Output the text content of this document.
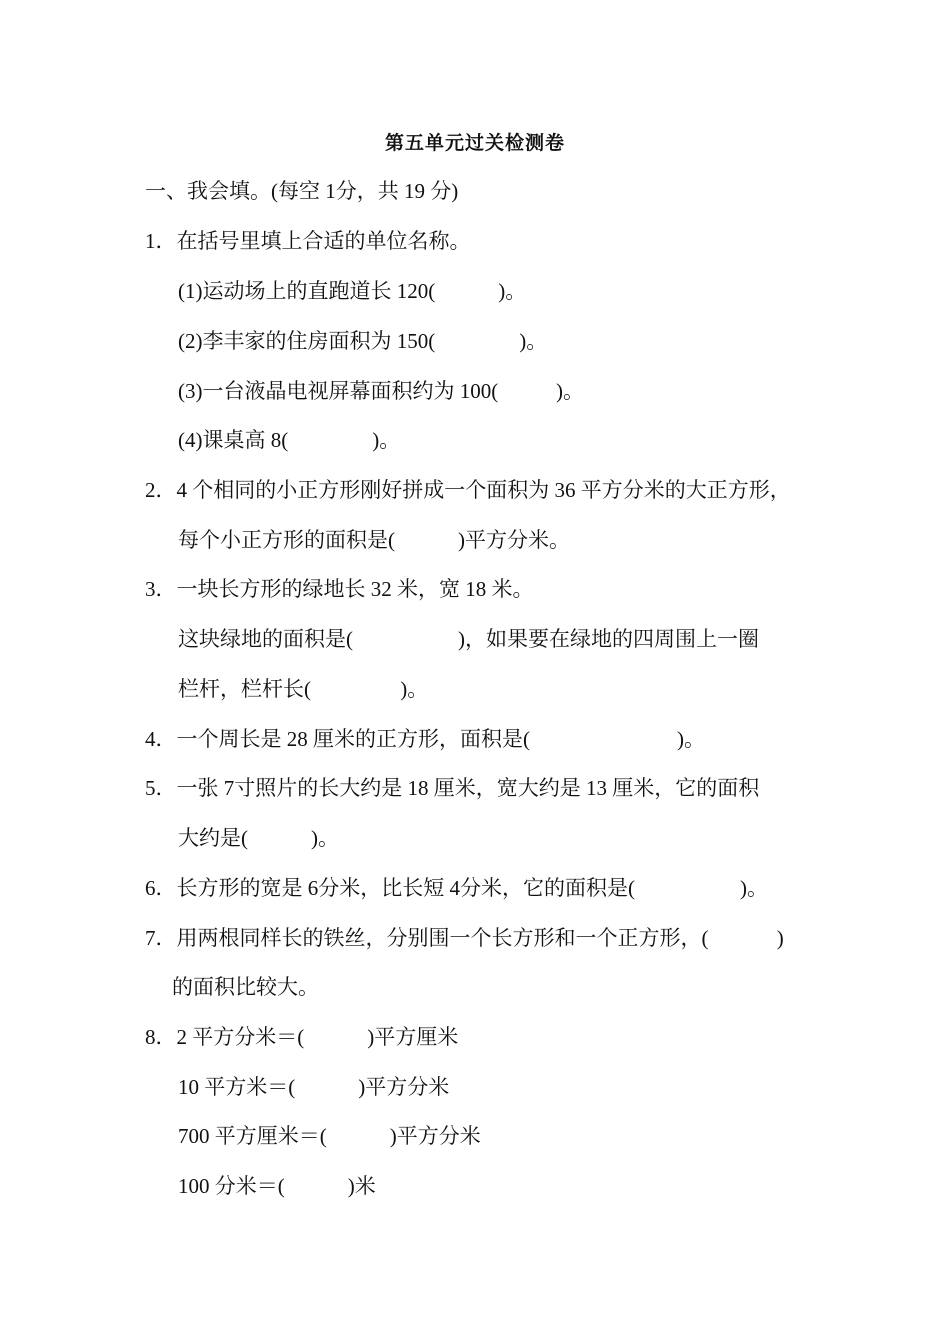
第五单元过关检测卷
一、我会填。(每空 1分，共 19 分)
1．在括号里填上合适的单位名称。
(1)运动场上的直跑道长 120(            )。
(2)李丰家的住房面积为 150(                )。
(3)一台液晶电视屏幕面积约为 100(           )。
(4)课桌高 8(                )。
2．4 个相同的小正方形刚好拼成一个面积为 36 平方分米的大正方形，
每个小正方形的面积是(            )平方分米。
3．一块长方形的绿地长 32 米，宽 18 米。
这块绿地的面积是(                    )，如果要在绿地的四周围上一圈
栏杆，栏杆长(                 )。
4．一个周长是 28 厘米的正方形，面积是(                            )。
5．一张 7寸照片的长大约是 18 厘米，宽大约是 13 厘米，它的面积
大约是(            )。
6．长方形的宽是 6分米，比长短 4分米，它的面积是(                    )。
7．用两根同样长的铁丝，分别围一个长方形和一个正方形，(             )
的面积比较大。
8．2 平方分米＝(            )平方厘米
10 平方米＝(            )平方分米
700 平方厘米＝(            )平方分米
100 分米＝(            )米
